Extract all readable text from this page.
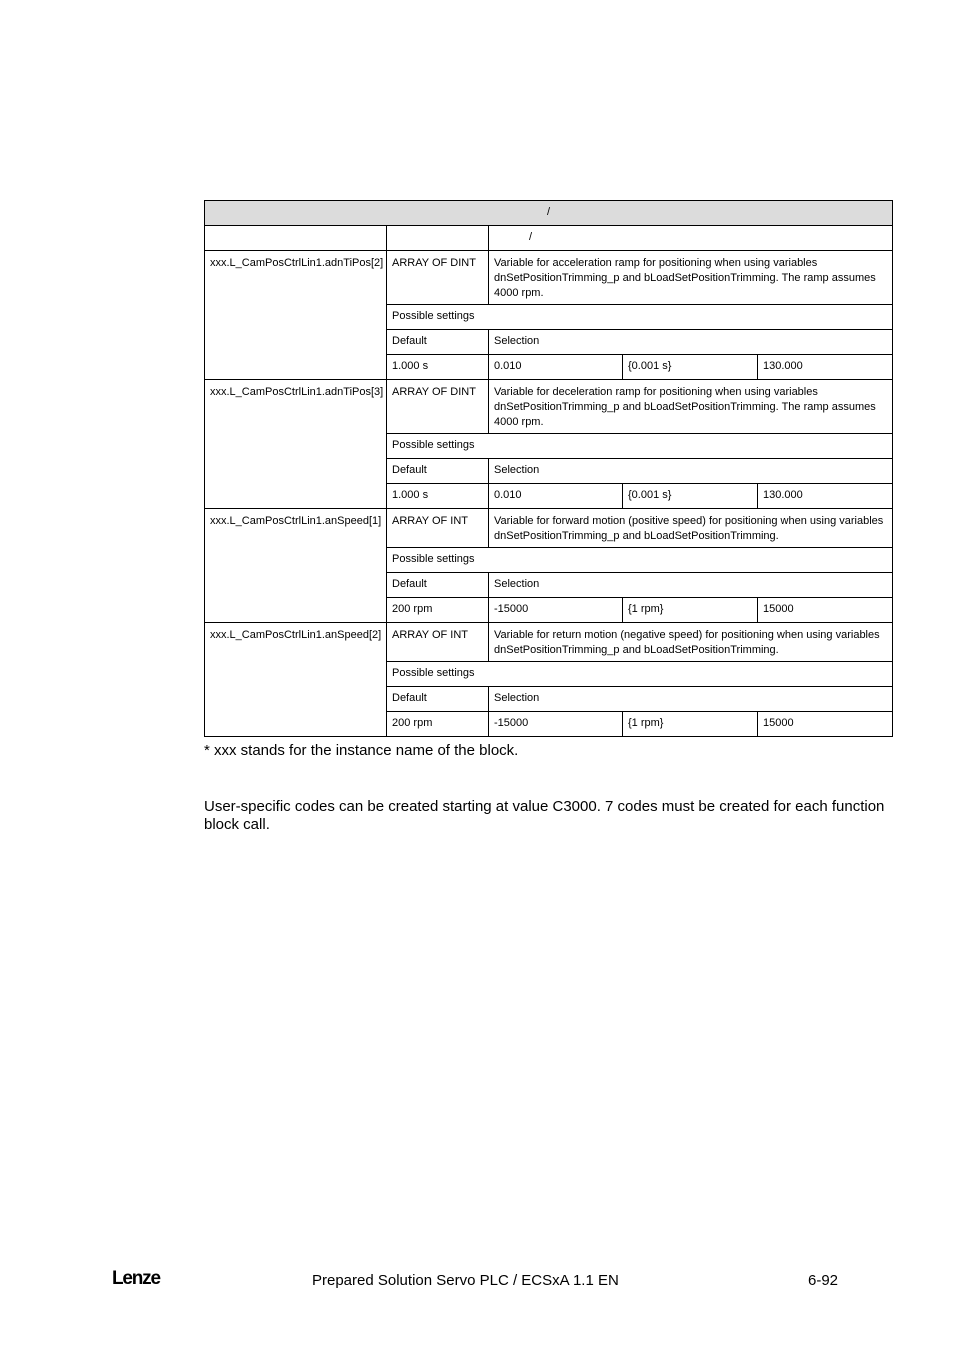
/				
		/		
xxx.L_CamPosCtrlLin1.adnTiPos[2]	ARRAY OF DINT	Variable for acceleration ramp for positioning when using variables dnSetPositionTrimming_p and bLoadSetPositionTrimming. The ramp assumes 4000 rpm.		
	Possible settings			
	Default	Selection		
	1.000 s	0.010	{0.001 s}	130.000
xxx.L_CamPosCtrlLin1.adnTiPos[3]	ARRAY OF DINT	Variable for deceleration ramp for positioning when using variables dnSetPositionTrimming_p and bLoadSetPositionTrimming. The ramp assumes 4000 rpm.		
	Possible settings			
	Default	Selection		
	1.000 s	0.010	{0.001 s}	130.000
xxx.L_CamPosCtrlLin1.anSpeed[1]	ARRAY OF INT	Variable for forward motion (positive speed) for positioning when using variables dnSetPositionTrimming_p and bLoadSetPositionTrimming.		
	Possible settings			
	Default	Selection		
	200 rpm	-15000	{1 rpm}	15000
xxx.L_CamPosCtrlLin1.anSpeed[2]	ARRAY OF INT	Variable for return motion (negative speed) for positioning when using variables dnSetPositionTrimming_p and bLoadSetPositionTrimming.		
	Possible settings			
	Default	Selection		
	200 rpm	-15000	{1 rpm}	15000
* xxx stands for the instance name of the block.
User-specific codes can be created starting at value C3000. 7 codes must be created for each function block call.
Lenze	Prepared Solution Servo PLC / ECSxA 1.1 EN	6-92
